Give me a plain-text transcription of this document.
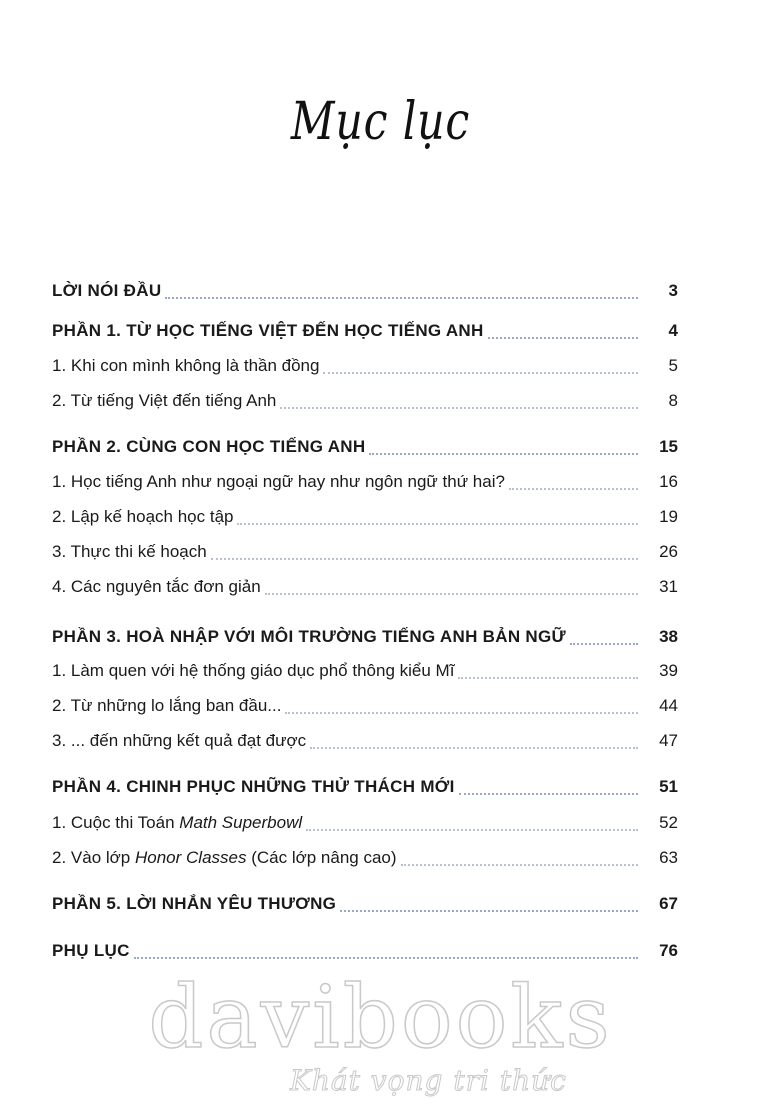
Mục lục
LỜI NÓI ĐẦU	3
PHẦN 1. TỪ HỌC TIẾNG VIỆT ĐẾN HỌC TIẾNG ANH	4
1. Khi con mình không là thần đồng	5
2. Từ tiếng Việt đến tiếng Anh	8
PHẦN 2. CÙNG CON HỌC TIẾNG ANH	15
1. Học tiếng Anh như ngoại ngữ hay như ngôn ngữ thứ hai?	16
2. Lập kế hoạch học tập	19
3. Thực thi kế hoạch	26
4. Các nguyên tắc đơn giản	31
PHẦN 3. HOÀ NHẬP VỚI MÔI TRƯỜNG TIẾNG ANH BẢN NGỮ	38
1. Làm quen với hệ thống giáo dục phổ thông kiểu Mĩ	39
2. Từ những lo lắng ban đầu...	44
3. ... đến những kết quả đạt được	47
PHẦN 4. CHINH PHỤC NHỮNG THỬ THÁCH MỚI	51
1. Cuộc thi Toán Math Superbowl	52
2. Vào lớp Honor Classes (Các lớp nâng cao)	63
PHẦN 5. LỜI NHẮN YÊU THƯƠNG	67
PHỤ LỤC	76
davibooks
Khát vọng tri thức
